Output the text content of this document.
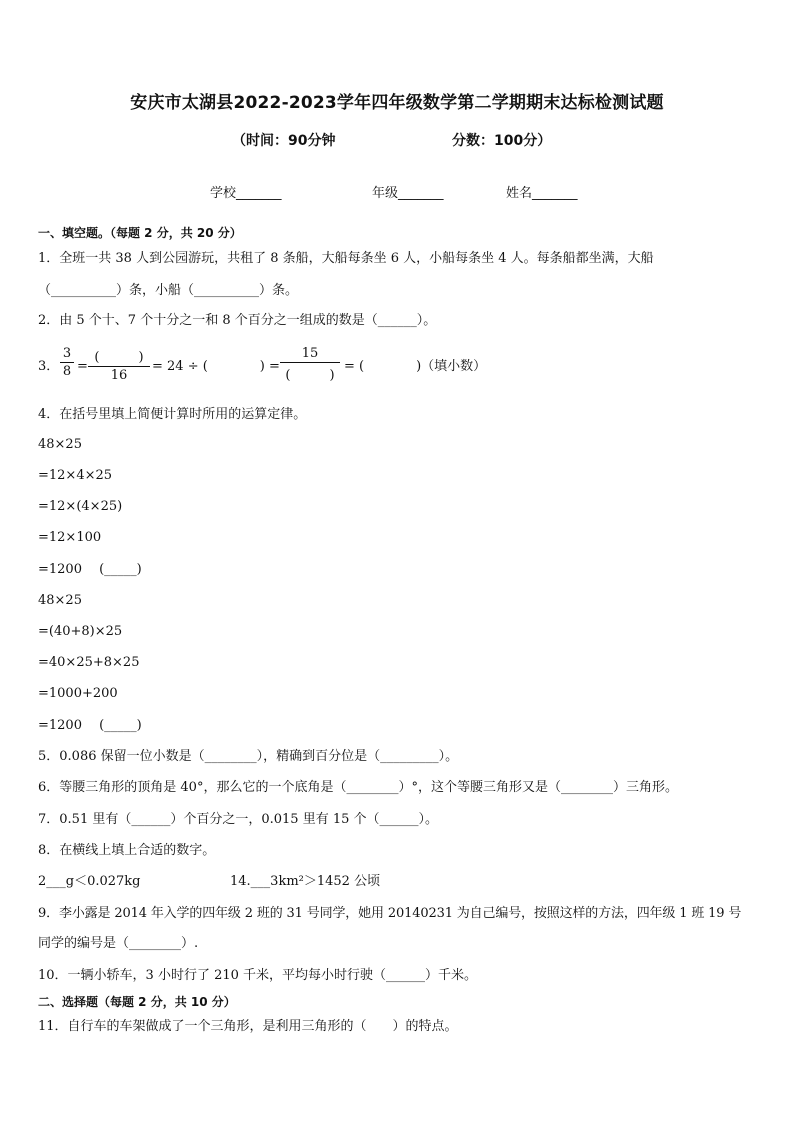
安庆市太湖县2022-2023学年四年级数学第二学期期末达标检测试题
（时间：90分钟	分数：100分）
学校_______	年级_______	姓名_______
一、填空题。（每题 2 分，共 20 分）
1．全班一共 38 人到公园游玩，共租了 8 条船，大船每条坐 6 人，小船每条坐 4 人。每条船都坐满，大船
（__________）条，小船（__________）条。
2．由 5 个十、7 个十分之一和 8 个百分之一组成的数是（______）。
3．
3
8 =
(　　　)
16
= 24 ÷ (　　　　) =
15
(　　　)
= (　　　　)（填小数）
4．在括号里填上简便计算时所用的运算定律。
48×25
=12×4×25
=12×(4×25)
=12×100
=1200　 (_____)
48×25
=(40+8)×25
=40×25+8×25
=1000+200
=1200　 (_____)
5．0.086 保留一位小数是（________），精确到百分位是（_________）。
6．等腰三角形的顶角是 40°，那么它的一个底角是（________）°，这个等腰三角形又是（________）三角形。
7．0.51 里有（______）个百分之一，0.015 里有 15 个（______）。
8．在横线上填上合适的数字。
2___g＜0.027kg	14.___3km²＞1452 公顷
9．李小露是 2014 年入学的四年级 2 班的 31 号同学，她用 20140231 为自己编号，按照这样的方法，四年级 1 班 19 号
同学的编号是（________）.
10．一辆小轿车，3 小时行了 210 千米，平均每小时行驶（______）千米。
二、选择题（每题 2 分，共 10 分）
11．自行车的车架做成了一个三角形，是利用三角形的（　　）的特点。
